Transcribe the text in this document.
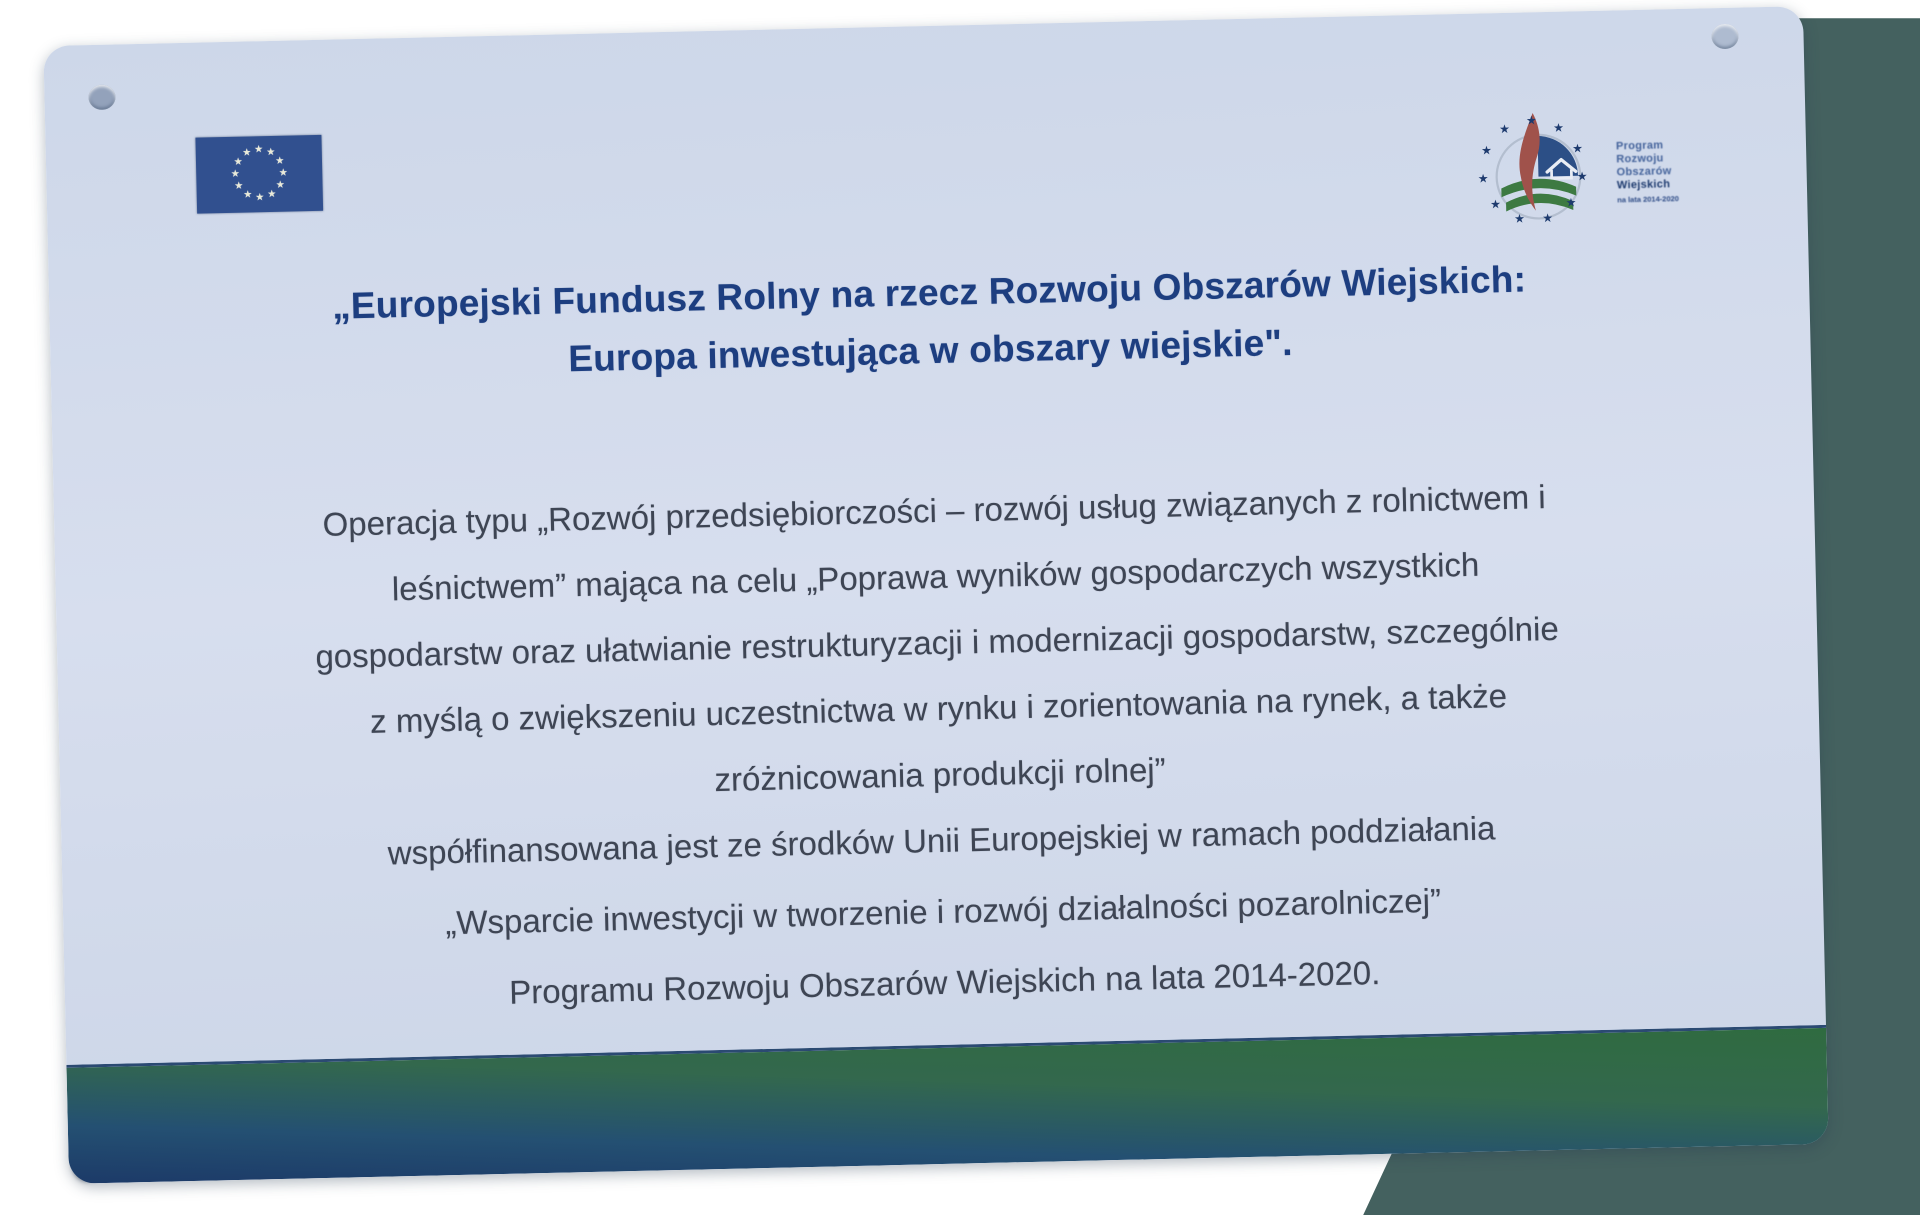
★ ★
★
★
★
★
★
★
★
★
★
★
★
★
★
★
★
★
★
★
★
★
★
Program
Rozwoju
Obszarów
Wiejskich
na lata 2014-2020
„Europejski Fundusz Rolny na rzecz Rozwoju Obszarów Wiejskich:
Europa inwestująca w obszary wiejskie".
Operacja typu „Rozwój przedsiębiorczości – rozwój usług związanych z rolnictwem i
leśnictwem” mająca na celu „Poprawa wyników gospodarczych wszystkich
gospodarstw oraz ułatwianie restrukturyzacji i modernizacji gospodarstw, szczególnie
z myślą o zwiększeniu uczestnictwa w rynku i zorientowania na rynek, a także
zróżnicowania produkcji rolnej”
współfinansowana jest ze środków Unii Europejskiej w ramach poddziałania
„Wsparcie inwestycji w tworzenie i rozwój działalności pozarolniczej”
Programu Rozwoju Obszarów Wiejskich na lata 2014-2020.
